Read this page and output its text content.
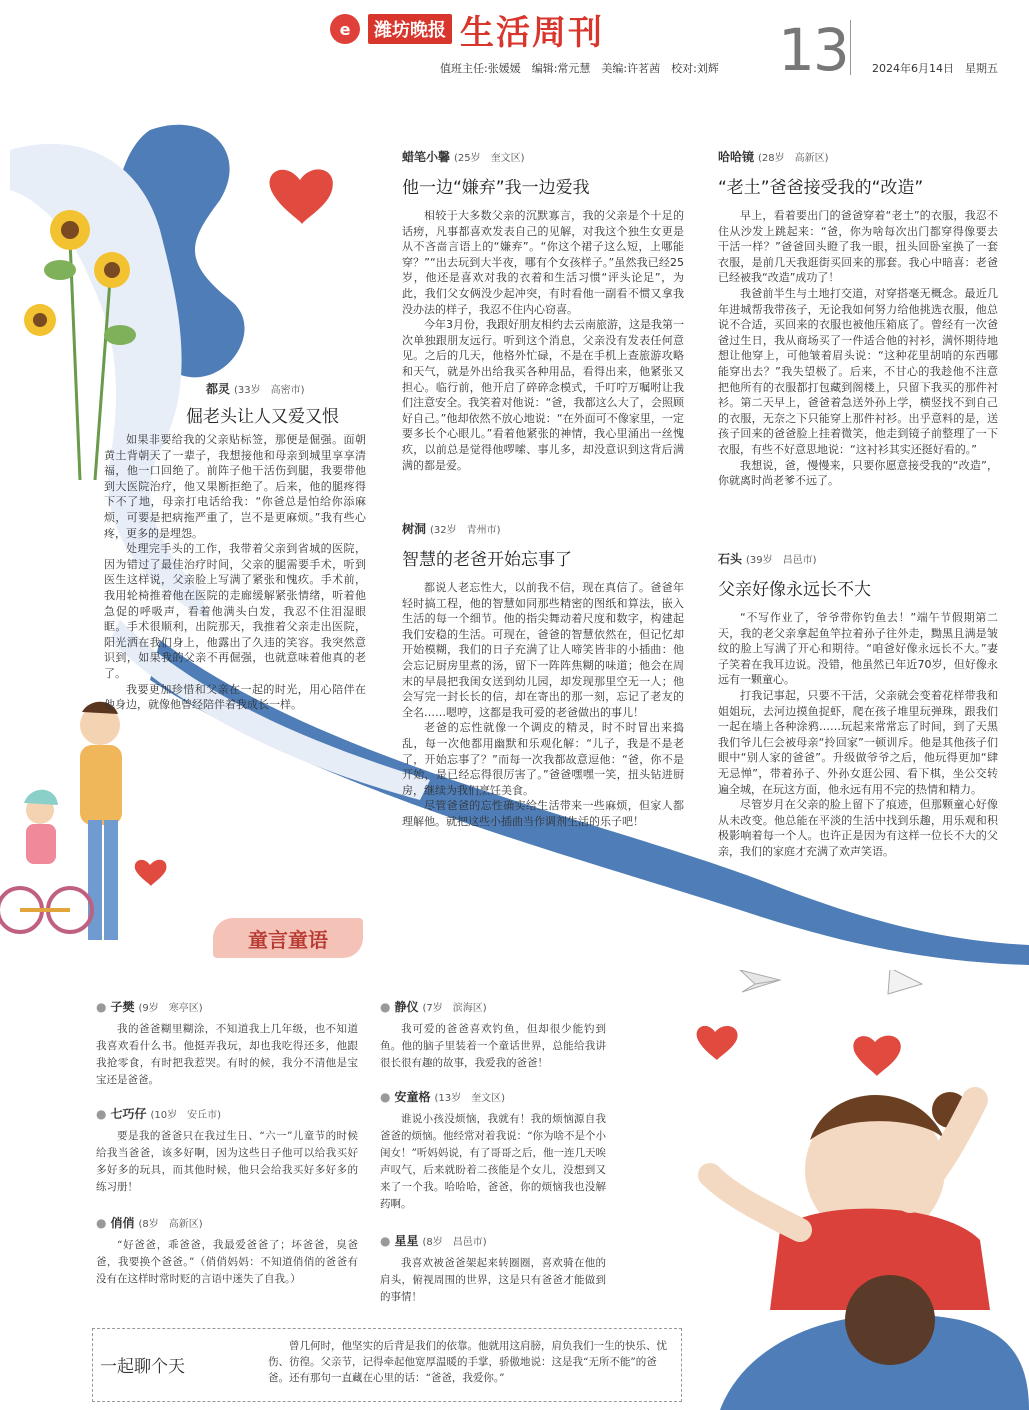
e	潍坊晚报 生活周刊
值班主任:张媛媛　编辑:常元慧　美编:许茗茜　校对:刘辉 13 2024年6月14日　星期五
都灵 (33岁　高密市)
倔老头让人又爱又恨

如果非要给我的父亲贴标签，那便是倔强。面朝黄土背朝天了一辈子，我想接他和母亲到城里享享清福，他一口回绝了。前阵子他干活伤到腿，我要带他到大医院治疗，他又果断拒绝了。后来，他的腿疼得下不了地，母亲打电话给我：“你爸总是怕给你添麻烦，可要是把病拖严重了，岂不是更麻烦。”我有些心疼，更多的是埋怨。

处理完手头的工作，我带着父亲到省城的医院，因为错过了最佳治疗时间，父亲的腿需要手术，听到医生这样说，父亲脸上写满了紧张和愧疚。手术前，我用轮椅推着他在医院的走廊缓解紧张情绪，听着他急促的呼吸声，看着他满头白发，我忍不住泪湿眼眶。手术很顺利，出院那天，我推着父亲走出医院，阳光洒在我们身上，他露出了久违的笑容。我突然意识到，如果我的父亲不再倔强，也就意味着他真的老了。

我要更加珍惜和父亲在一起的时光，用心陪伴在他身边，就像他曾经陪伴着我成长一样。

蜡笔小馨 (25岁　奎文区)
他一边“嫌弃”我一边爱我

相较于大多数父亲的沉默寡言，我的父亲是个十足的话痨，凡事都喜欢发表自己的见解，对我这个独生女更是从不吝啬言语上的“嫌弃”。“你这个裙子这么短，上哪能穿？”“出去玩到大半夜，哪有个女孩样子。”虽然我已经25岁，他还是喜欢对我的衣着和生活习惯“评头论足”，为此，我们父女俩没少起冲突，有时看他一副看不惯又拿我没办法的样子，我忍不住内心窃喜。

今年3月份，我跟好朋友相约去云南旅游，这是我第一次单独跟朋友远行。听到这个消息，父亲没有发表任何意见。之后的几天，他格外忙碌，不是在手机上查旅游攻略和天气，就是外出给我买各种用品，看得出来，他紧张又担心。临行前，他开启了碎碎念模式，千叮咛万嘱咐让我们注意安全。我笑着对他说：“爸，我都这么大了，会照顾好自己。”他却依然不放心地说：“在外面可不像家里，一定要多长个心眼儿。”看着他紧张的神情，我心里涌出一丝愧疚，以前总是觉得他啰嗦、事儿多，却没意识到这背后满满的都是爱。

树洞 (32岁　青州市)
智慧的老爸开始忘事了

都说人老忘性大，以前我不信，现在真信了。爸爸年轻时搞工程，他的智慧如同那些精密的图纸和算法，嵌入生活的每一个细节。他的指尖舞动着尺度和数字，构建起我们安稳的生活。可现在，爸爸的智慧依然在，但记忆却开始模糊，我们的日子充满了让人啼笑皆非的小插曲：他会忘记厨房里煮的汤，留下一阵阵焦糊的味道；他会在周末的早晨把我闺女送到幼儿园，却发现那里空无一人；他会写完一封长长的信，却在寄出的那一刻，忘记了老友的全名……嗯哼，这都是我可爱的老爸做出的事儿！

老爸的忘性就像一个调皮的精灵，时不时冒出来捣乱，每一次他都用幽默和乐观化解：“儿子，我是不是老了，开始忘事了？”而每一次我都故意逗他：“爸，你不是开始，是已经忘得很厉害了。”爸爸嘿嘿一笑，扭头钻进厨房，继续为我们烹饪美食。

尽管爸爸的忘性确实给生活带来一些麻烦，但家人都理解他。就把这些小插曲当作调剂生活的乐子吧！

哈哈镜 (28岁　高新区)
“老土”爸爸接受我的“改造”

早上，看着要出门的爸爸穿着“老土”的衣服，我忍不住从沙发上跳起来：“爸，你为啥每次出门都穿得像要去干活一样？”爸爸回头瞪了我一眼，扭头回卧室换了一套衣服，是前几天我逛街买回来的那套。我心中暗喜：老爸已经被我“改造”成功了！

我爸前半生与土地打交道，对穿搭毫无概念。最近几年进城帮我带孩子，无论我如何努力给他挑选衣服，他总说不合适，买回来的衣服也被他压箱底了。曾经有一次爸爸过生日，我从商场买了一件适合他的衬衫，满怀期待地想让他穿上，可他皱着眉头说：“这种花里胡哨的东西哪能穿出去？”我失望极了。后来，不甘心的我趁他不注意把他所有的衣服都打包藏到阁楼上，只留下我买的那件衬衫。第二天早上，爸爸着急送外孙上学，横竖找不到自己的衣服，无奈之下只能穿上那件衬衫。出乎意料的是，送孩子回来的爸爸脸上挂着微笑，他走到镜子前整理了一下衣服，有些不好意思地说：“这衬衫其实还挺好看的。”

我想说，爸，慢慢来，只要你愿意接受我的“改造”，你就离时尚老爹不远了。

石头 (39岁　昌邑市)
父亲好像永远长不大

“不写作业了，爷爷带你钓鱼去！”端午节假期第二天，我的老父亲拿起鱼竿拉着孙子往外走，黝黑且满是皱纹的脸上写满了开心和期待。“咱爸好像永远长不大。”妻子笑着在我耳边说。没错，他虽然已年近70岁，但好像永远有一颗童心。

打我记事起，只要不干活，父亲就会变着花样带我和姐姐玩，去河边摸鱼捉虾，爬在孩子堆里玩弹珠，跟我们一起在墙上各种涂鸦……玩起来常常忘了时间，到了天黑我们爷儿仨会被母亲“拎回家”一顿训斥。他是其他孩子们眼中“别人家的爸爸”。升级做爷爷之后，他玩得更加“肆无忌惮”，带着孙子、外孙女逛公园、看下棋，坐公交转遍全城，在玩这方面，他永远有用不完的热情和精力。

尽管岁月在父亲的脸上留下了痕迹，但那颗童心好像从未改变。他总能在平淡的生活中找到乐趣，用乐观和积极影响着每一个人。也许正是因为有这样一位长不大的父亲，我们的家庭才充满了欢声笑语。

童言童语
● 子樊 (9岁　寒亭区)

我的爸爸糊里糊涂，不知道我上几年级，也不知道我喜欢看什么书。他挺弄我玩，却也我吃得还多，他跟我抢零食，有时把我惹哭。有时的候，我分不清他是宝宝还是爸爸。

● 七巧仔 (10岁　安丘市)

要是我的爸爸只在我过生日、“六一”儿童节的时候给我当爸爸，该多好啊，因为这些日子他可以给我买好多好多的玩具，而其他时候，他只会给我买好多好多的练习册！

● 俏俏 (8岁　高新区)

“好爸爸，乖爸爸，我最爱爸爸了；坏爸爸，臭爸爸，我要换个爸爸。”（俏俏妈妈：不知道俏俏的爸爸有没有在这样时常时贬的言语中迷失了自我。）

● 静仪 (7岁　滨海区)

我可爱的爸爸喜欢钓鱼，但却很少能钓到鱼。他的脑子里装着一个童话世界，总能给我讲很长很有趣的故事，我爱我的爸爸！

● 安童格 (13岁　奎文区)

谁说小孩没烦恼，我就有！我的烦恼源自我爸爸的烦恼。他经常对着我说：“你为啥不是个小闺女！”听妈妈说，有了哥哥之后，他一连几天唉声叹气，后来就盼着二孩能是个女儿，没想到又来了一个我。哈哈哈，爸爸，你的烦恼我也没解药啊。

● 星星 (8岁　昌邑市)

我喜欢被爸爸架起来转圈圈，喜欢骑在他的肩头，俯视周围的世界，这是只有爸爸才能做到的事情！

一起聊个天

曾几何时，他坚实的后背是我们的依靠。他就用这肩膀，肩负我们一生的快乐、忧伤、彷徨。父亲节，记得牵起他宽厚温暖的手掌，骄傲地说：这是我“无所不能”的爸爸。还有那句一直藏在心里的话：“爸爸，我爱你。”
